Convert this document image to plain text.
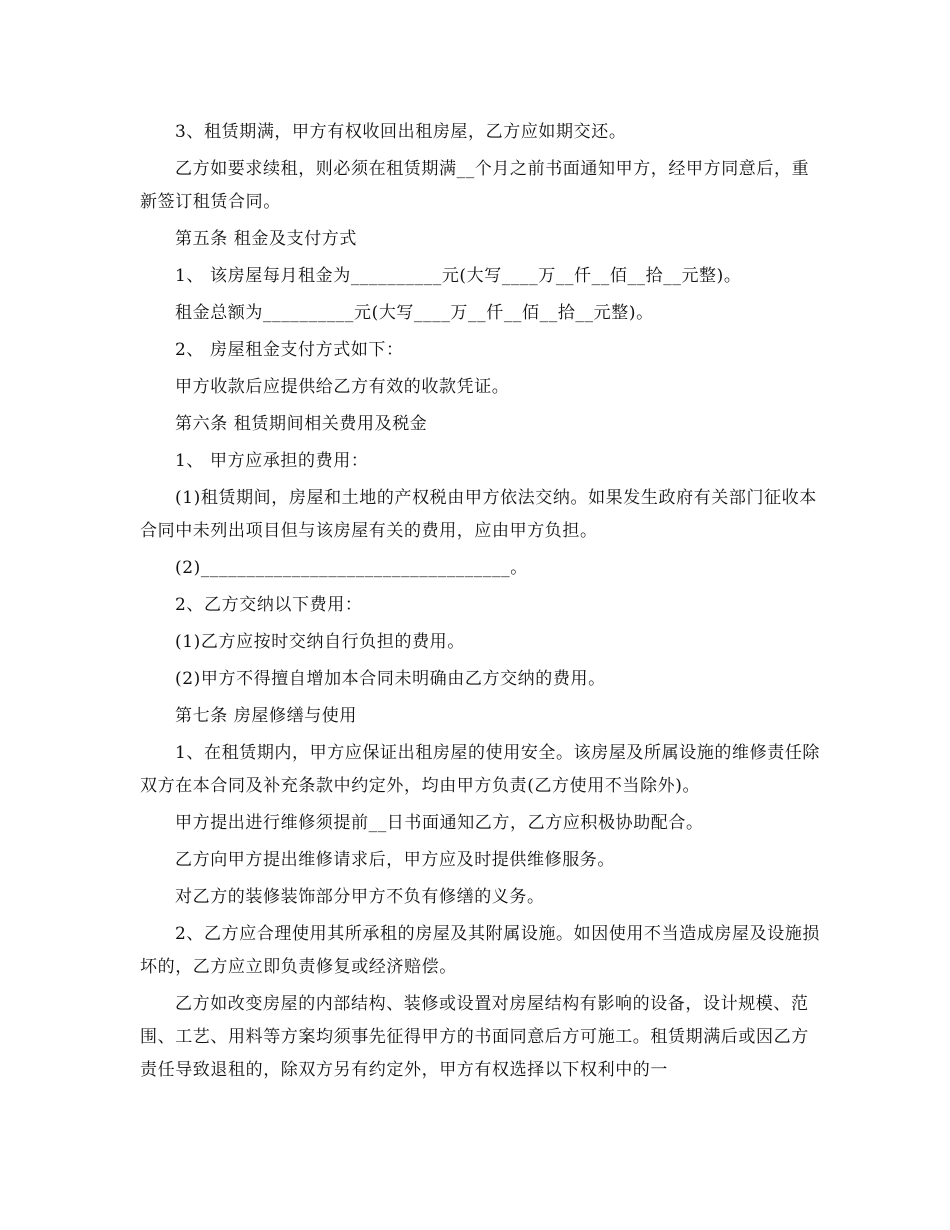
3、租赁期满，甲方有权收回出租房屋，乙方应如期交还。

乙方如要求续租，则必须在租赁期满__个月之前书面通知甲方，经甲方同意后，重新签订租赁合同。

第五条 租金及支付方式

1、 该房屋每月租金为__________元(大写____万__仟__佰__拾__元整)。

租金总额为__________元(大写____万__仟__佰__拾__元整)。

2、 房屋租金支付方式如下：

甲方收款后应提供给乙方有效的收款凭证。

第六条 租赁期间相关费用及税金

1、 甲方应承担的费用：

(1)租赁期间，房屋和土地的产权税由甲方依法交纳。如果发生政府有关部门征收本合同中未列出项目但与该房屋有关的费用，应由甲方负担。

(2)__________________________________。

2、乙方交纳以下费用：

(1)乙方应按时交纳自行负担的费用。

(2)甲方不得擅自增加本合同未明确由乙方交纳的费用。

第七条 房屋修缮与使用

1、在租赁期内，甲方应保证出租房屋的使用安全。该房屋及所属设施的维修责任除双方在本合同及补充条款中约定外，均由甲方负责(乙方使用不当除外)。

甲方提出进行维修须提前__日书面通知乙方，乙方应积极协助配合。

乙方向甲方提出维修请求后，甲方应及时提供维修服务。

对乙方的装修装饰部分甲方不负有修缮的义务。

2、乙方应合理使用其所承租的房屋及其附属设施。如因使用不当造成房屋及设施损坏的，乙方应立即负责修复或经济赔偿。

乙方如改变房屋的内部结构、装修或设置对房屋结构有影响的设备，设计规模、范围、工艺、用料等方案均须事先征得甲方的书面同意后方可施工。租赁期满后或因乙方责任导致退租的，除双方另有约定外，甲方有权选择以下权利中的一
